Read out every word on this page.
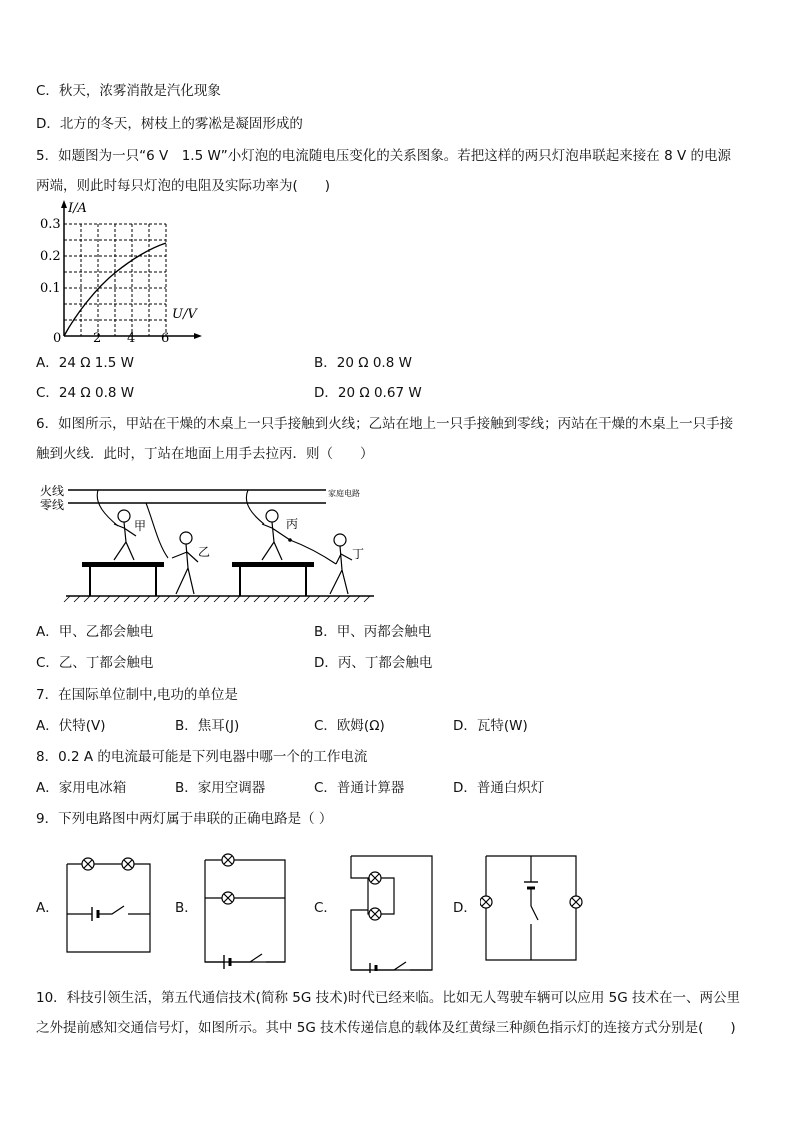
C．秋天，浓雾消散是汽化现象
D．北方的冬天，树枝上的雾凇是凝固形成的
5．如题图为一只“6 V　1.5 W”小灯泡的电流随电压变化的关系图象。若把这样的两只灯泡串联起来接在 8 V 的电源
两端，则此时每只灯泡的电阻及实际功率为(　　)
I/A
U/V
0.3
0.2
0.1
0 2 4 6
A．24 Ω 1.5 W	B．20 Ω 0.8 W
C．24 Ω 0.8 W	D．20 Ω 0.67 W
6．如图所示，甲站在干燥的木桌上一只手接触到火线；乙站在地上一只手接触到零线；丙站在干燥的木桌上一只手接
触到火线．此时，丁站在地面上用手去拉丙．则（　　）
火线
零线
家庭电路
甲
乙
丙
丁
A．甲、乙都会触电	B．甲、丙都会触电
C．乙、丁都会触电	D．丙、丁都会触电
7．在国际单位制中,电功的单位是
A．伏特(V)	B．焦耳(J)	C．欧姆(Ω)	D．瓦特(W)
8．0.2 A 的电流最可能是下列电器中哪一个的工作电流
A．家用电冰箱	B．家用空调器	C．普通计算器	D．普通白炽灯
9．下列电路图中两灯属于串联的正确电路是（ ）
A．	B．	C．	D．
10．科技引领生活，第五代通信技术(简称 5G 技术)时代已经来临。比如无人驾驶车辆可以应用 5G 技术在一、两公里
之外提前感知交通信号灯，如图所示。其中 5G 技术传递信息的载体及红黄绿三种颜色指示灯的连接方式分别是(　　)
